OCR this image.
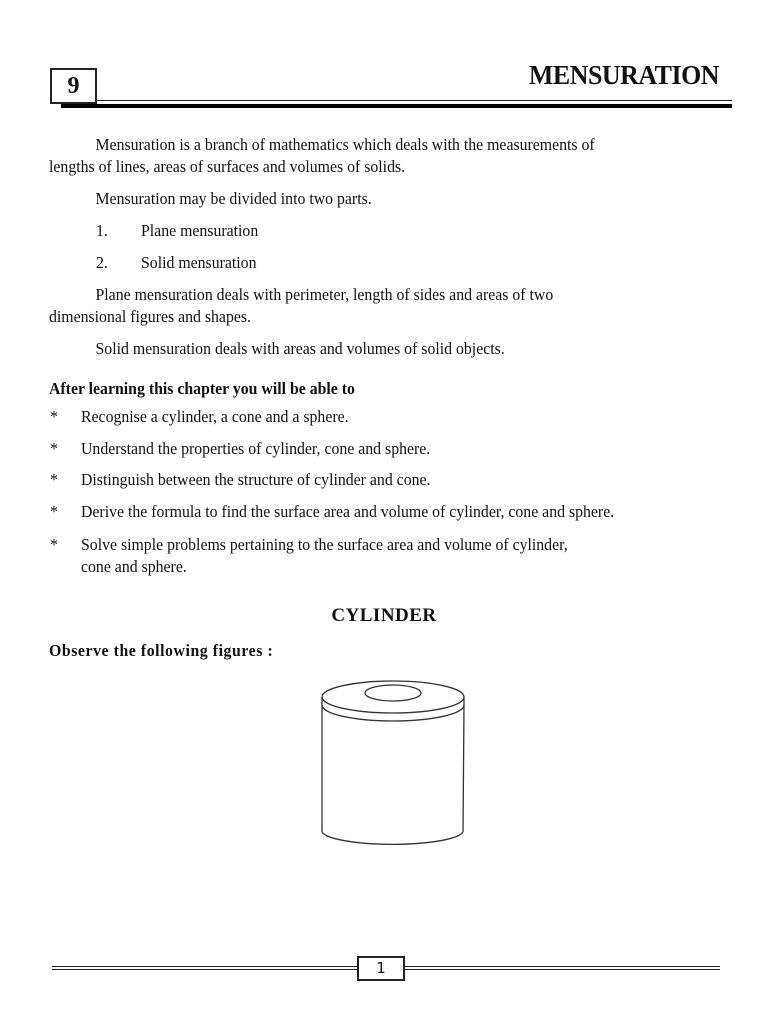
9	MENSURATION
Mensuration is a branch of mathematics which deals with the measurements of
lengths of lines, areas of surfaces and volumes of solids.
Mensuration may be divided into two parts.
1. Plane mensuration
2. Solid mensuration
Plane mensuration deals with perimeter, length of sides and areas of two
dimensional figures and shapes.
Solid mensuration deals with areas and volumes of solid objects.
After learning this chapter you will be able to
* Recognise a cylinder, a cone and a sphere.
* Understand the properties of cylinder, cone and sphere.
* Distinguish between the structure of cylinder and cone.
* Derive the formula to find the surface area and volume of cylinder, cone and sphere.
* Solve simple problems pertaining to the surface area and volume of cylinder,
cone and sphere.
CYLINDER
Observe the following figures :
1
